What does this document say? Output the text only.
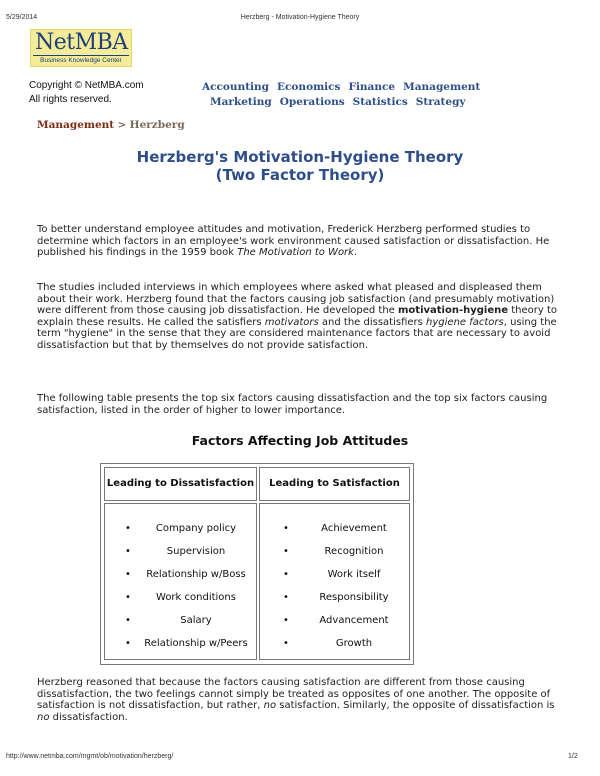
5/29/2014	Herzberg - Motivation-Hygiene Theory
NetMBA
Business Knowledge Center
Copyright © NetMBA.com
All rights reserved.
Accounting Economics Finance Management
Marketing Operations Statistics Strategy
Management > Herzberg
Herzberg's Motivation-Hygiene Theory
(Two Factor Theory)
To better understand employee attitudes and motivation, Frederick Herzberg performed studies to determine which factors in an employee's work environment caused satisfaction or dissatisfaction. He published his findings in the 1959 book The Motivation to Work.
The studies included interviews in which employees where asked what pleased and displeased them about their work. Herzberg found that the factors causing job satisfaction (and presumably motivation) were different from those causing job dissatisfaction. He developed the motivation-hygiene theory to explain these results. He called the satisfiers motivators and the dissatisfiers hygiene factors, using the term "hygiene" in the sense that they are considered maintenance factors that are necessary to avoid dissatisfaction but that by themselves do not provide satisfaction.
The following table presents the top six factors causing dissatisfaction and the top six factors causing satisfaction, listed in the order of higher to lower importance.
Factors Affecting Job Attitudes
Leading to Dissatisfaction	Leading to Satisfaction
•	Company policy
•	Supervision
•	Relationship w/Boss
•	Work conditions
•	Salary
•	Relationship w/Peers
•	Achievement
•	Recognition
•	Work itself
•	Responsibility
•	Advancement
•	Growth
Herzberg reasoned that because the factors causing satisfaction are different from those causing dissatisfaction, the two feelings cannot simply be treated as opposites of one another. The opposite of satisfaction is not dissatisfaction, but rather, no satisfaction. Similarly, the opposite of dissatisfaction is no dissatisfaction.
http://www.netmba.com/mgmt/ob/motivation/herzberg/	1/2
